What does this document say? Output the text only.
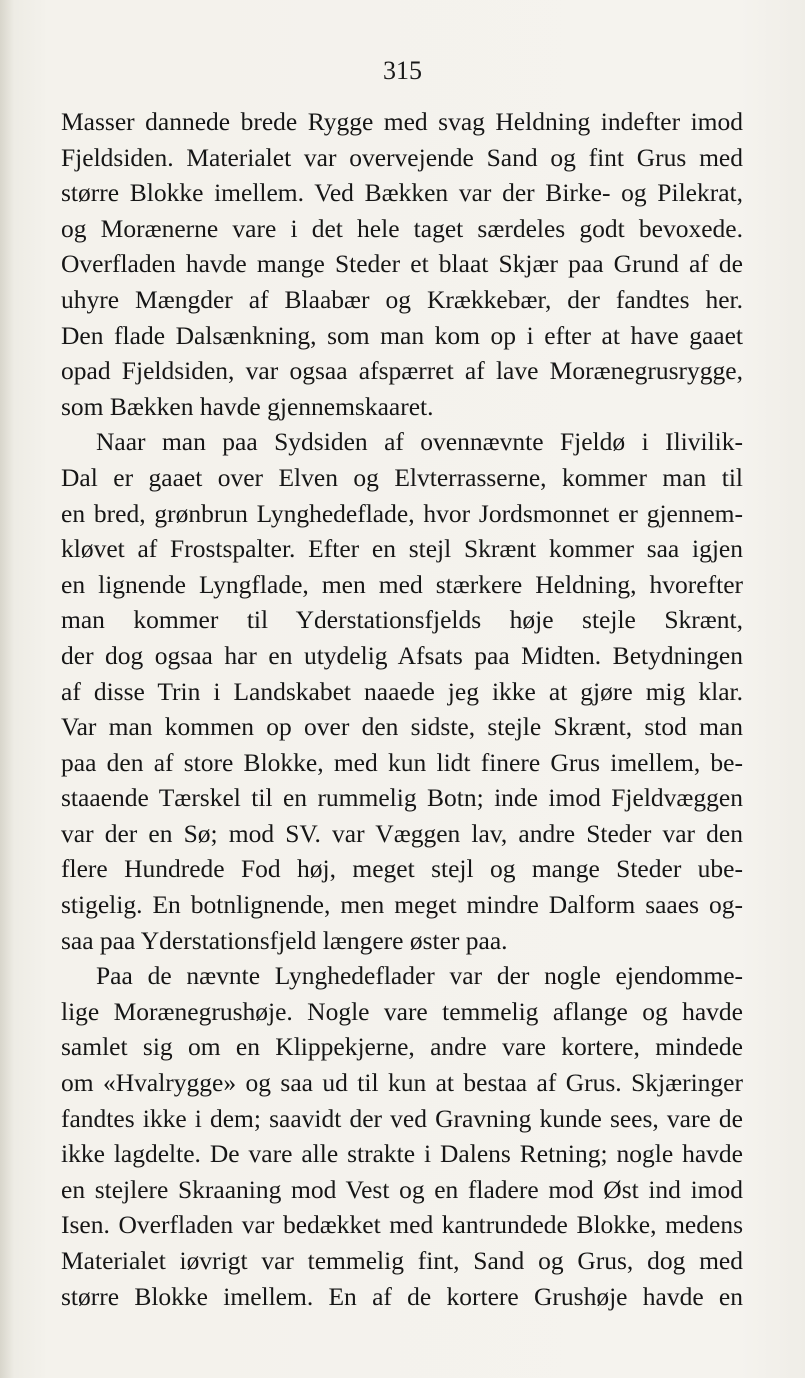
315
Masser dannede brede Rygge med svag Heldning indefter imod
Fjeldsiden. Materialet var overvejende Sand og fint Grus med
større Blokke imellem. Ved Bækken var der Birke- og Pilekrat,
og Morænerne vare i det hele taget særdeles godt bevoxede.
Overfladen havde mange Steder et blaat Skjær paa Grund af de
uhyre Mængder af Blaabær og Krækkebær, der fandtes her.
Den flade Dalsænkning, som man kom op i efter at have gaaet
opad Fjeldsiden, var ogsaa afspærret af lave Morænegrusrygge,
som Bækken havde gjennemskaaret.
Naar man paa Sydsiden af ovennævnte Fjeldø i Ilivilik-
Dal er gaaet over Elven og Elvterrasserne, kommer man til
en bred, grønbrun Lynghedeflade, hvor Jordsmonnet er gjennem-
kløvet af Frostspalter. Efter en stejl Skrænt kommer saa igjen
en lignende Lyngflade, men med stærkere Heldning, hvorefter
man kommer til Yderstationsfjelds høje stejle Skrænt,
der dog ogsaa har en utydelig Afsats paa Midten. Betydningen
af disse Trin i Landskabet naaede jeg ikke at gjøre mig klar.
Var man kommen op over den sidste, stejle Skrænt, stod man
paa den af store Blokke, med kun lidt finere Grus imellem, be-
staaende Tærskel til en rummelig Botn; inde imod Fjeldvæggen
var der en Sø; mod SV. var Væggen lav, andre Steder var den
flere Hundrede Fod høj, meget stejl og mange Steder ube-
stigelig. En botnlignende, men meget mindre Dalform saaes og-
saa paa Yderstationsfjeld længere øster paa.
Paa de nævnte Lynghedeflader var der nogle ejendomme-
lige Morænegrushøje. Nogle vare temmelig aflange og havde
samlet sig om en Klippekjerne, andre vare kortere, mindede
om «Hvalrygge» og saa ud til kun at bestaa af Grus. Skjæringer
fandtes ikke i dem; saavidt der ved Gravning kunde sees, vare de
ikke lagdelte. De vare alle strakte i Dalens Retning; nogle havde
en stejlere Skraaning mod Vest og en fladere mod Øst ind imod
Isen. Overfladen var bedækket med kantrundede Blokke, medens
Materialet iøvrigt var temmelig fint, Sand og Grus, dog med
større Blokke imellem. En af de kortere Grushøje havde en
